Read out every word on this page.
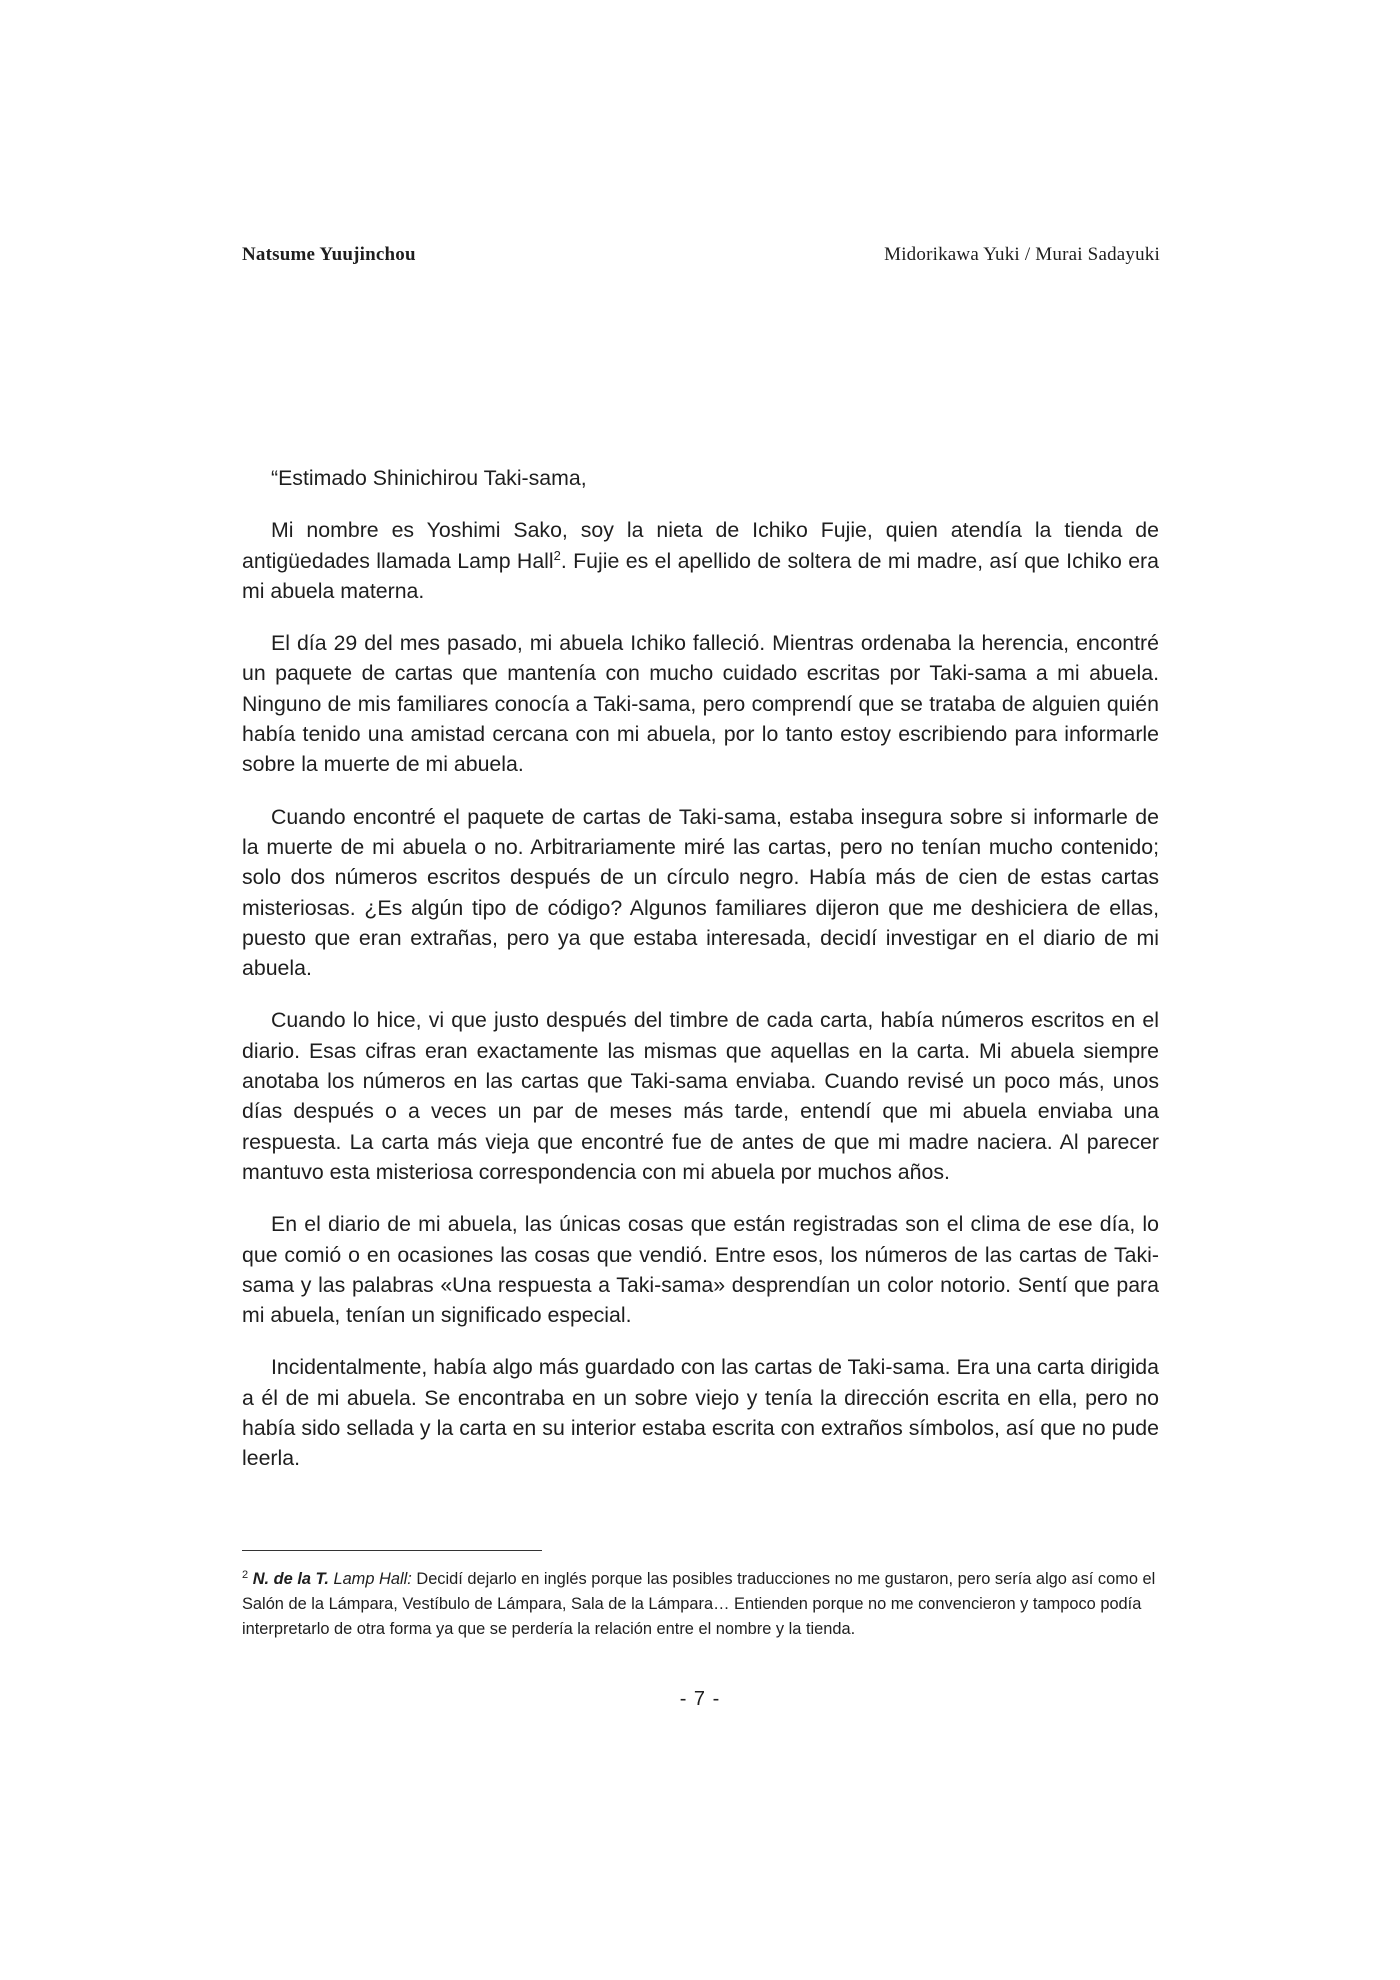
Natsume Yuujinchou	Midorikawa Yuki / Murai Sadayuki

“Estimado Shinichirou Taki-sama,

Mi nombre es Yoshimi Sako, soy la nieta de Ichiko Fujie, quien atendía la tienda de antigüedades llamada Lamp Hall$^2$. Fujie es el apellido de soltera de mi madre, así que Ichiko era mi abuela materna.

El día 29 del mes pasado, mi abuela Ichiko falleció. Mientras ordenaba la herencia, encontré un paquete de cartas que mantenía con mucho cuidado escritas por Taki-sama a mi abuela. Ninguno de mis familiares conocía a Taki-sama, pero comprendí que se trataba de alguien quién había tenido una amistad cercana con mi abuela, por lo tanto estoy escribiendo para informarle sobre la muerte de mi abuela.

Cuando encontré el paquete de cartas de Taki-sama, estaba insegura sobre si informarle de la muerte de mi abuela o no. Arbitrariamente miré las cartas, pero no tenían mucho contenido; solo dos números escritos después de un círculo negro. Había más de cien de estas cartas misteriosas. ¿Es algún tipo de código? Algunos familiares dijeron que me deshiciera de ellas, puesto que eran extrañas, pero ya que estaba interesada, decidí investigar en el diario de mi abuela.

Cuando lo hice, vi que justo después del timbre de cada carta, había números escritos en el diario. Esas cifras eran exactamente las mismas que aquellas en la carta. Mi abuela siempre anotaba los números en las cartas que Taki-sama enviaba. Cuando revisé un poco más, unos días después o a veces un par de meses más tarde, entendí que mi abuela enviaba una respuesta. La carta más vieja que encontré fue de antes de que mi madre naciera. Al parecer mantuvo esta misteriosa correspondencia con mi abuela por muchos años.

En el diario de mi abuela, las únicas cosas que están registradas son el clima de ese día, lo que comió o en ocasiones las cosas que vendió. Entre esos, los números de las cartas de Taki-sama y las palabras «Una respuesta a Taki-sama» desprendían un color notorio. Sentí que para mi abuela, tenían un significado especial.

Incidentalmente, había algo más guardado con las cartas de Taki-sama. Era una carta dirigida a él de mi abuela. Se encontraba en un sobre viejo y tenía la dirección escrita en ella, pero no había sido sellada y la carta en su interior estaba escrita con extraños símbolos, así que no pude leerla.

$^2$ N. de la T. Lamp Hall: Decidí dejarlo en inglés porque las posibles traducciones no me gustaron, pero sería algo así como el Salón de la Lámpara, Vestíbulo de Lámpara, Sala de la Lámpara… Entienden porque no me convencieron y tampoco podía interpretarlo de otra forma ya que se perdería la relación entre el nombre y la tienda.

- 7 -
